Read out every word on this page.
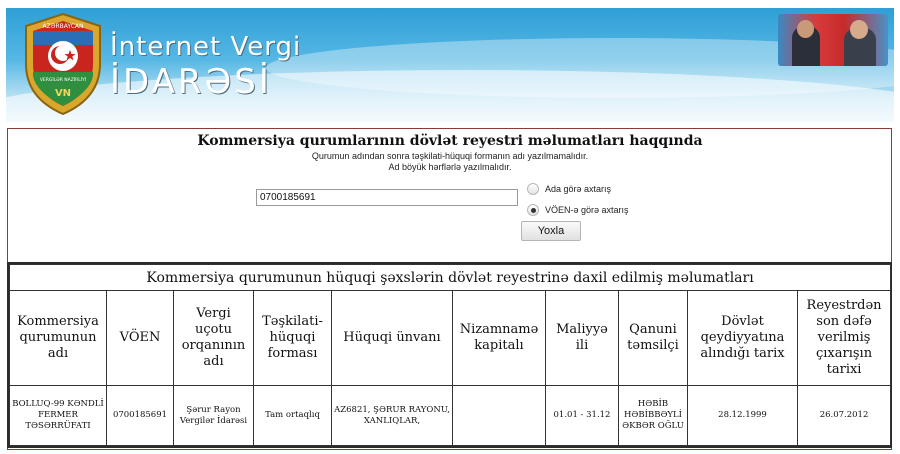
AZƏRBAYCAN
VERGİLƏR NAZİRLİYİ
VN
İnternet Vergi
İDARƏSİ
Kommersiya qurumlarının dövlət reyestri məlumatları haqqında
Qurumun adından sonra təşkilati-hüquqi formanın adı yazılmamalıdır.
Ad böyük hərflərlə yazılmalıdır.
0700185691
Ada görə axtarış
VÖEN-ə görə axtarış
Yoxla
Kommersiya qurumunun hüquqi şəxslərin dövlət reyestrinə daxil edilmiş məlumatları									
Kommersiya qurumunun adı	VÖEN	Vergi uçotu orqanının adı	Təşkilati-hüquqi forması	Hüquqi ünvanı	Nizamnamə kapitalı	Maliyyə ili	Qanuni təmsilçi	Dövlət qeydiyyatına alındığı tarix	Reyestrdən son dəfə verilmiş çıxarışın tarixi
BOLLUQ-99 KƏNDLİ FERMER TƏSƏRRÜFATI	0700185691	Şərur Rayon Vergilər İdarəsi	Tam ortaqlıq	AZ6821, ŞƏRUR RAYONU, XANLIQLAR,		01.01 - 31.12	HƏBİB HƏBİBBƏYLİ ƏKBƏR OĞLU	28.12.1999	26.07.2012
